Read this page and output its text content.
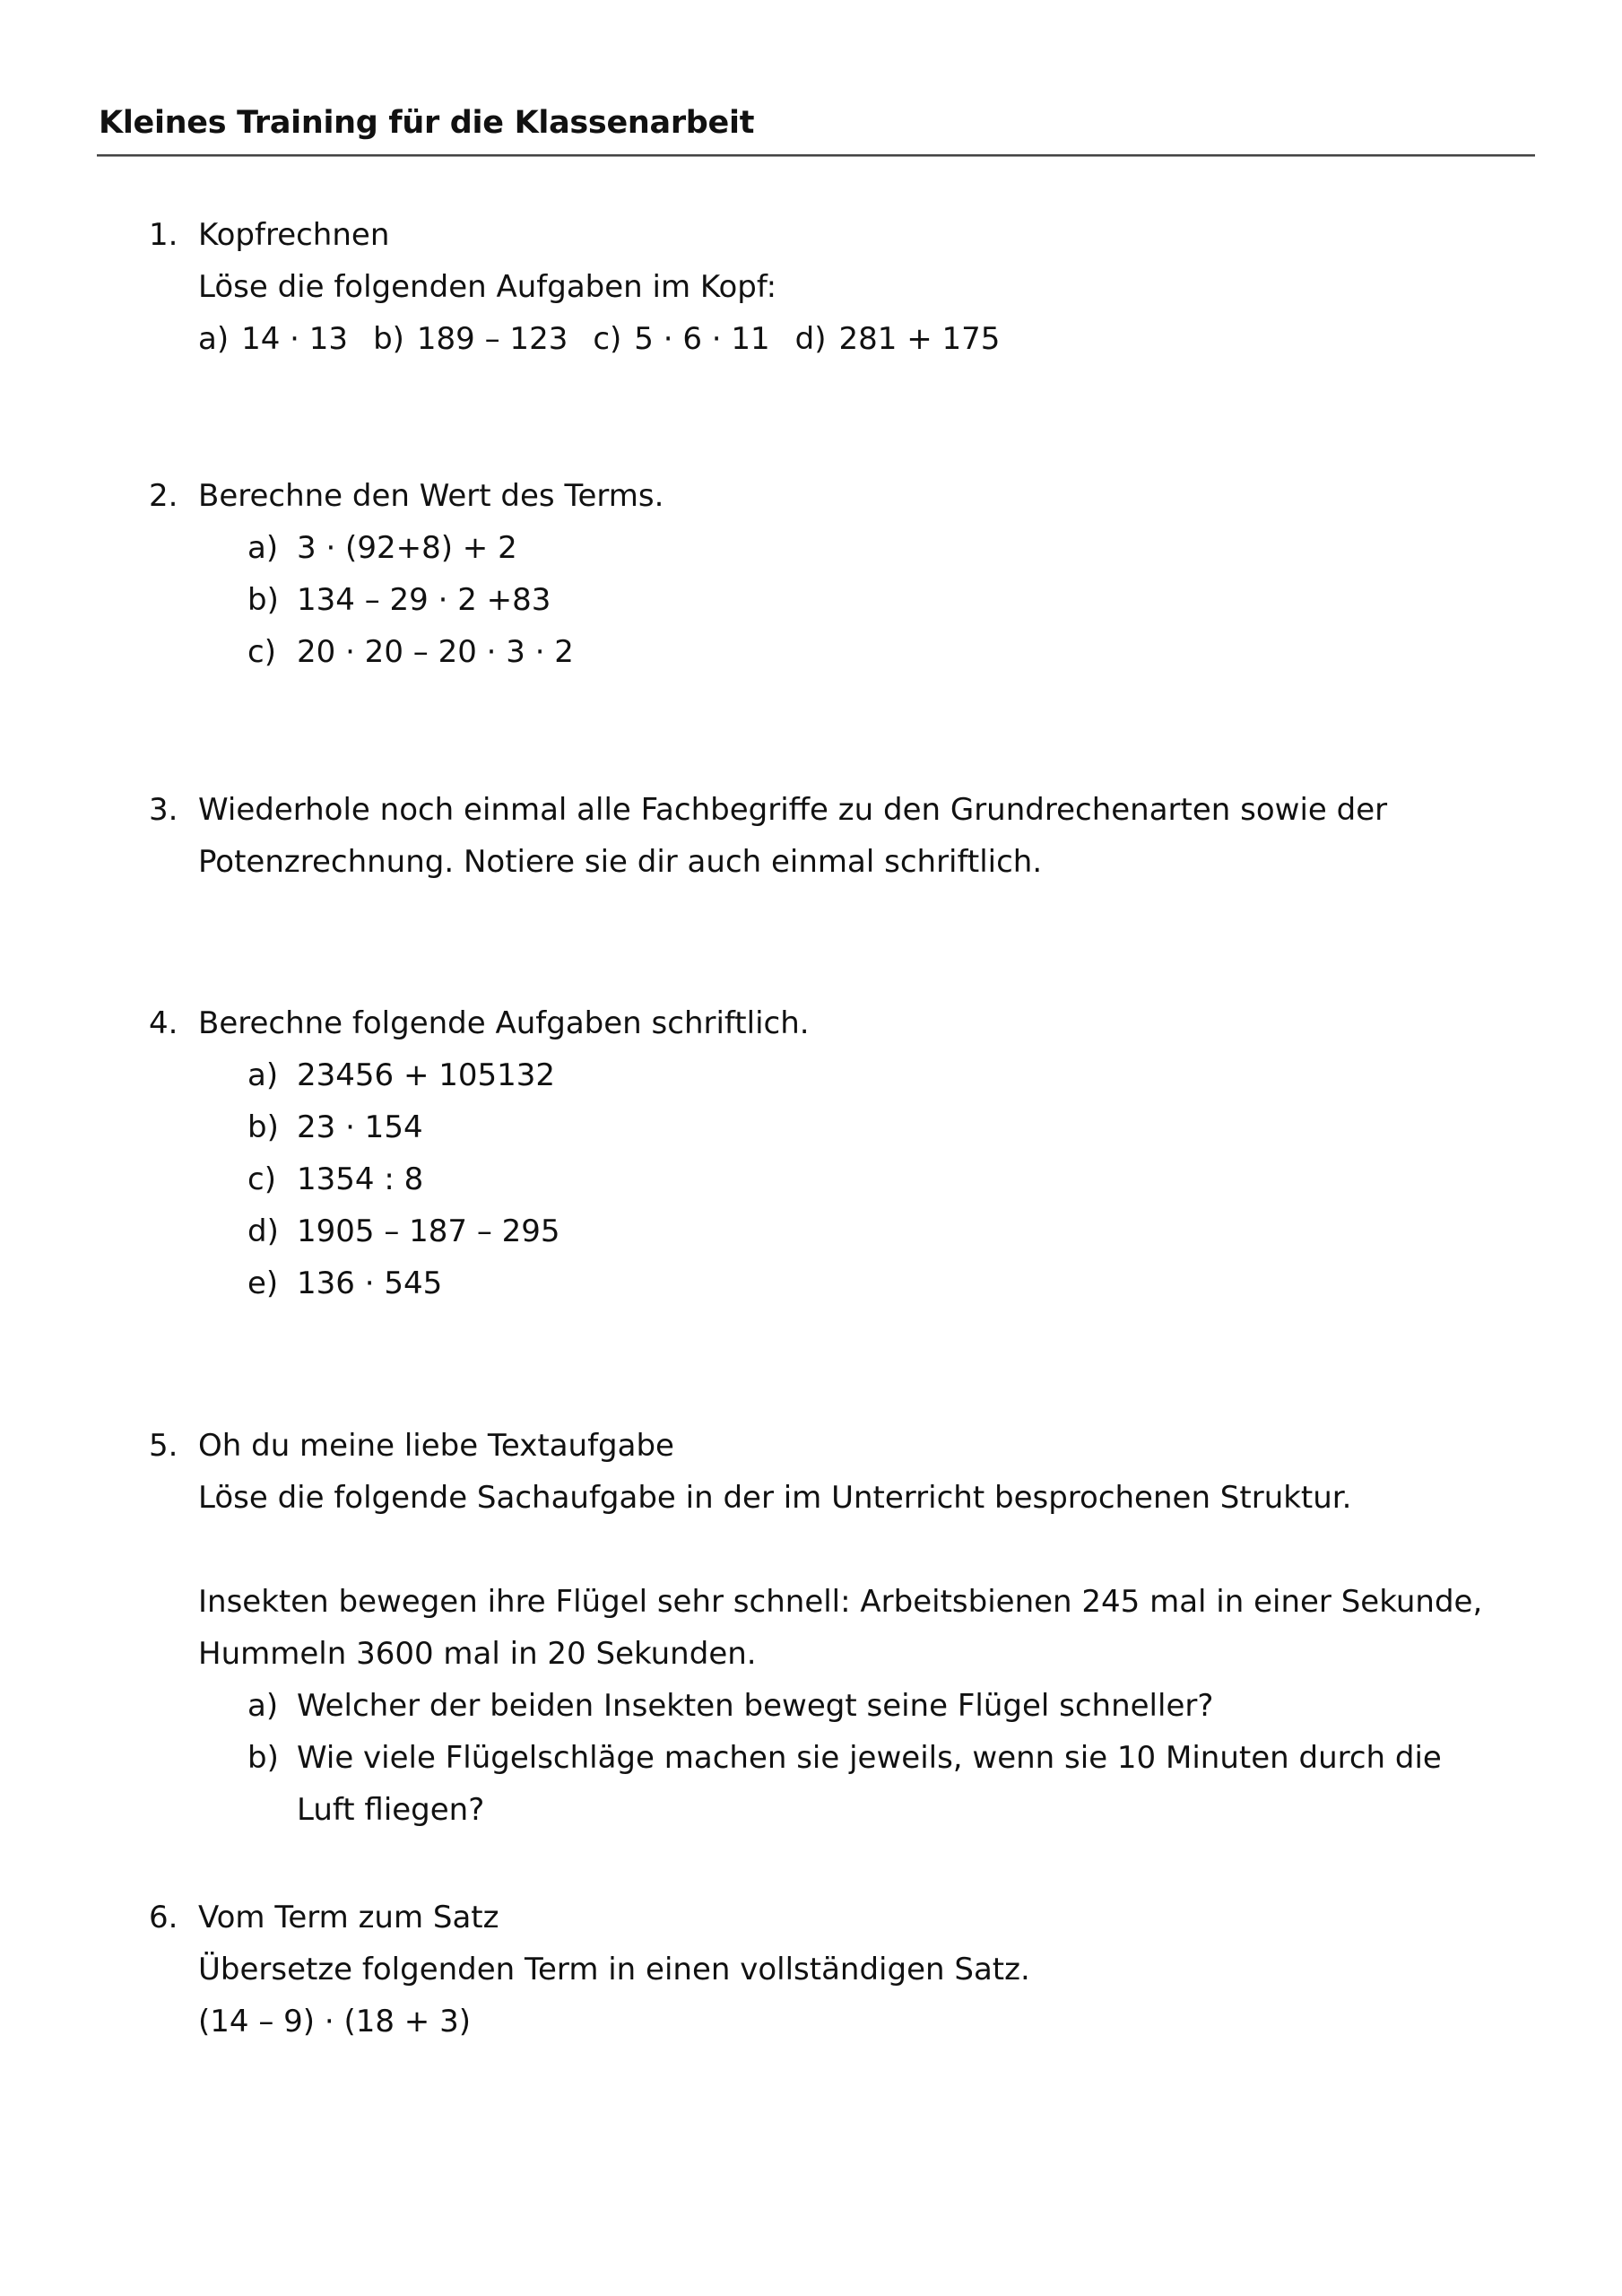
Kleines Training für die Klassenarbeit
1. Kopfrechnen
Löse die folgenden Aufgaben im Kopf:
a) 14 · 13 b) 189 – 123 c) 5 · 6 · 11 d) 281 + 175
2. Berechne den Wert des Terms.
a) 3 · (92+8) + 2
b) 134 – 29 · 2 +83
c) 20 · 20 – 20 · 3 · 2
3. Wiederhole noch einmal alle Fachbegriffe zu den Grundrechenarten sowie der
Potenzrechnung. Notiere sie dir auch einmal schriftlich.
4. Berechne folgende Aufgaben schriftlich.
a) 23456 + 105132
b) 23 · 154
c) 1354 : 8
d) 1905 – 187 – 295
e) 136 · 545
5. Oh du meine liebe Textaufgabe
Löse die folgende Sachaufgabe in der im Unterricht besprochenen Struktur.
Insekten bewegen ihre Flügel sehr schnell: Arbeitsbienen 245 mal in einer Sekunde,
Hummeln 3600 mal in 20 Sekunden.
a) Welcher der beiden Insekten bewegt seine Flügel schneller?
b) Wie viele Flügelschläge machen sie jeweils, wenn sie 10 Minuten durch die Luft fliegen?
6. Vom Term zum Satz
Übersetze folgenden Term in einen vollständigen Satz.
(14 – 9) · (18 + 3)
